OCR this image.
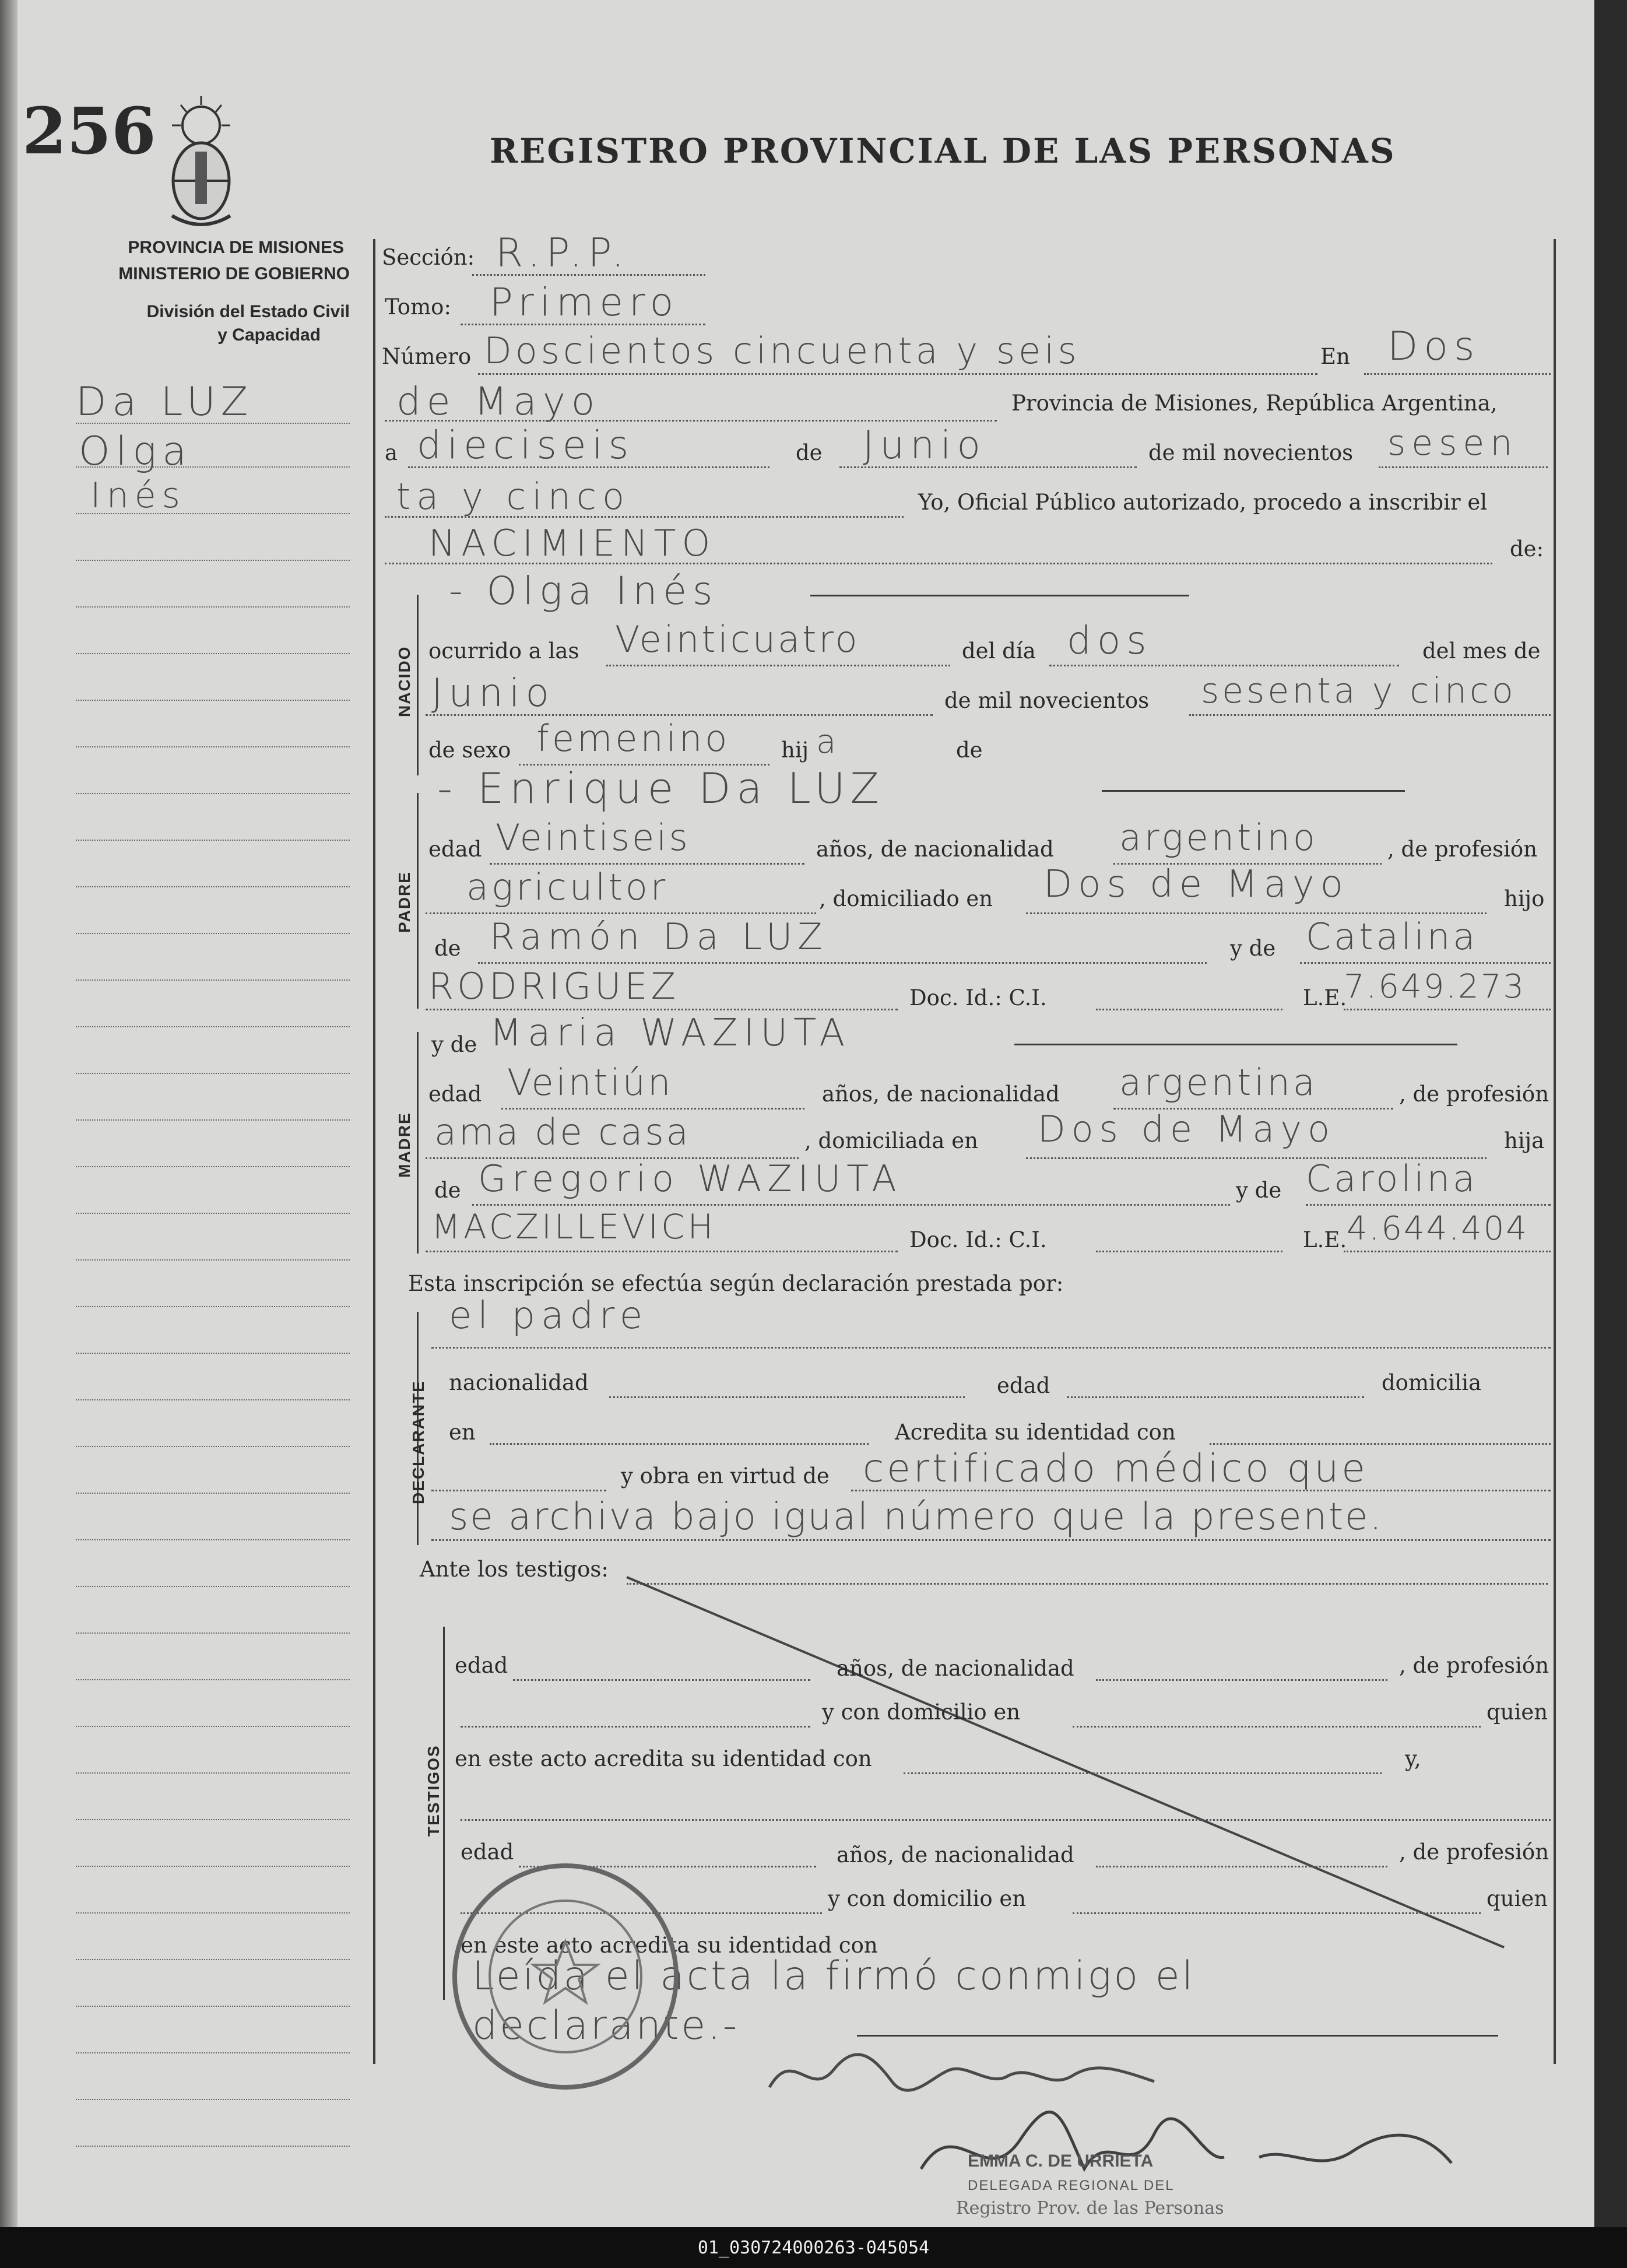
256	REGISTRO PROVINCIAL DE LAS PERSONAS
PROVINCIA DE MISIONES
MINISTERIO DE GOBIERNO
División del Estado Civil
y Capacidad
Da LUZ
Olga
Inés
Sección: R.P.P.
Tomo: Primero
Número Doscientos cincuenta y seis	En Dos
de Mayo	Provincia de Misiones, República Argentina,
a dieciseis	de Junio	de mil novecientos sesen
ta y cinco	Yo, Oficial Público autorizado, procedo a inscribir el
NACIMIENTO	de:
NACIDO
- Olga Inés
ocurrido a las Veinticuatro	del día dos	del mes de
Junio	de mil novecientos sesenta y cinco
de sexo femenino hij a	de
PADRE
- Enrique Da LUZ
edad Veintiseis	años, de nacionalidad argentino	, de profesión
agricultor	, domiciliado en Dos de Mayo	hijo
de Ramón Da LUZ	y de Catalina
RODRIGUEZ	Doc. Id.: C.I.	L.E.
7.649.273
MADRE
y de Maria WAZIUTA
edad Veintiún	años, de nacionalidad argentina	, de profesión
ama de casa	, domiciliada en Dos de Mayo	hija
de Gregorio WAZIUTA	y de Carolina
MACZILLEVICH	Doc. Id.: C.I.	L.E. 4.644.404
Esta inscripción se efectúa según declaración prestada por:
DECLARANTE
el padre
nacionalidad	edad	domicilia
en	Acredita su identidad con
y obra en virtud de certificado médico que
se archiva bajo igual número que la presente.
Ante los testigos:
TESTIGOS
edad	años, de nacionalidad	, de profesión
y con domicilio en	quien
en este acto acredita su identidad con	y,
edad	años, de nacionalidad	, de profesión
y con domicilio en	quien
en este acto acredita su identidad con
Leída el acta la firmó conmigo el
declarante.-
EMMA C. DE URRIETA
DELEGADA REGIONAL DEL
Registro Prov. de las Personas
01_030724000263-045054
